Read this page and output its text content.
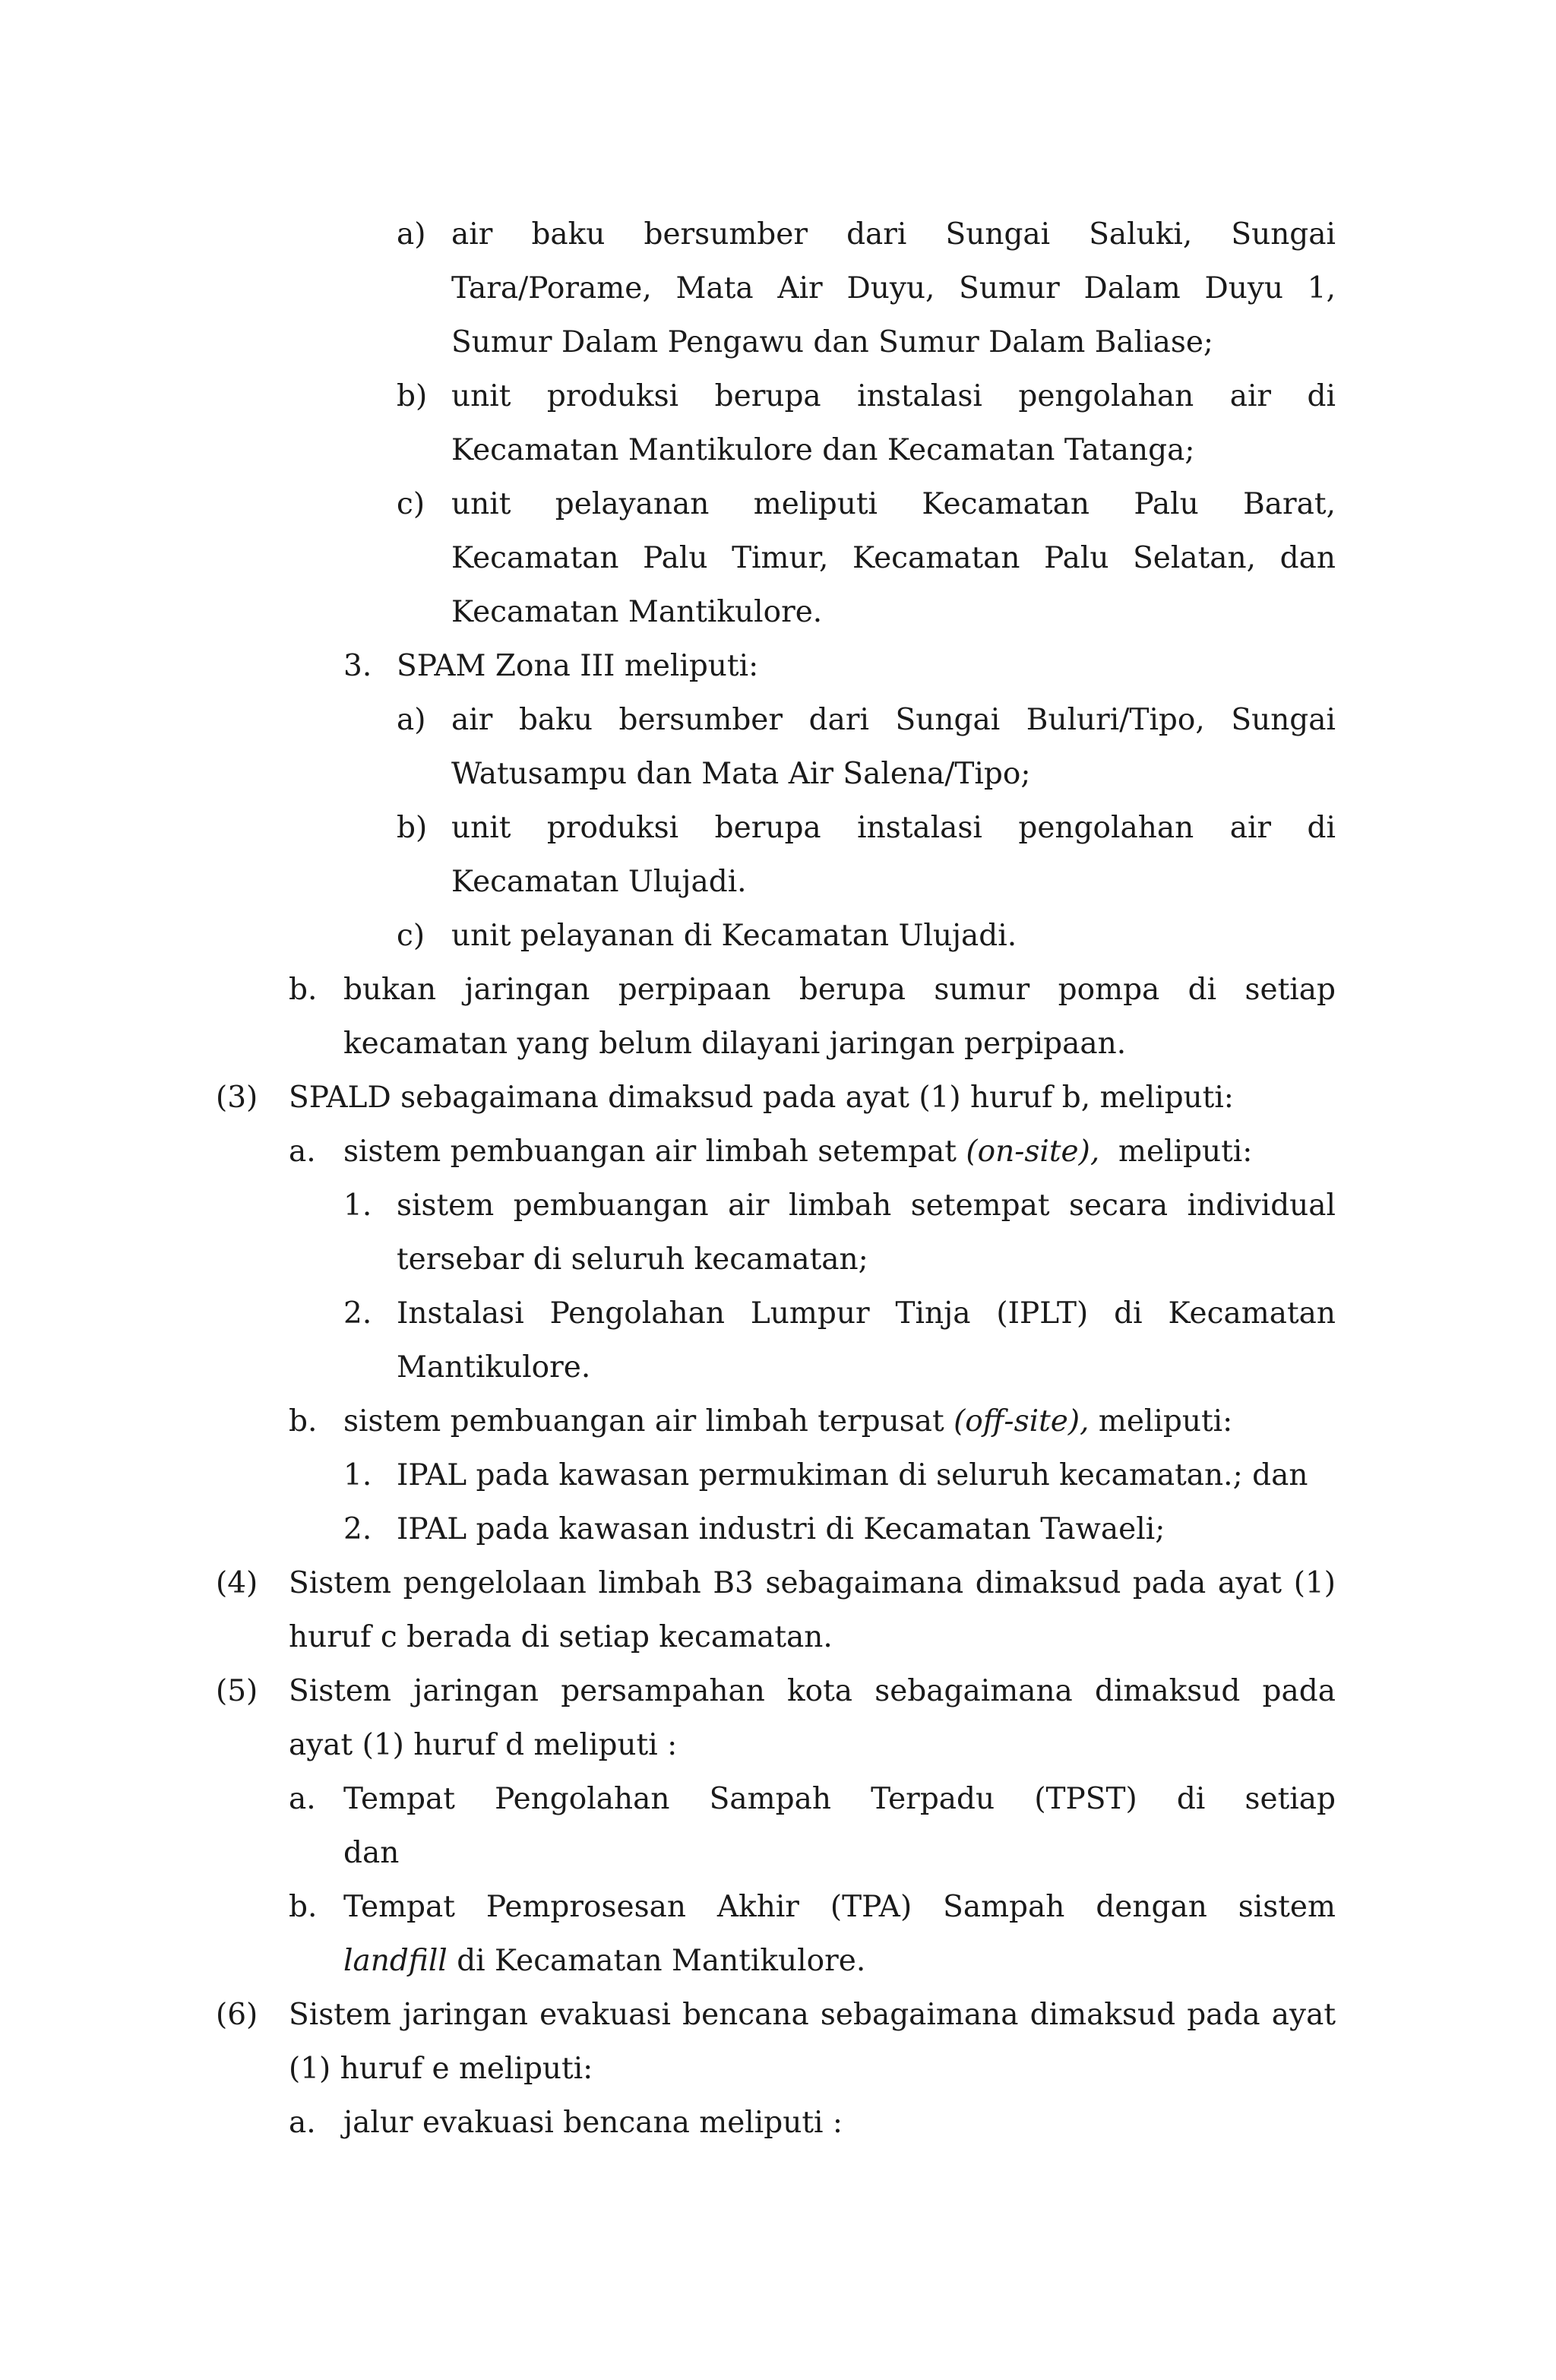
a) air baku bersumber dari Sungai Saluki, Sungai
Tara/Porame, Mata Air Duyu, Sumur Dalam Duyu 1,
Sumur Dalam Pengawu dan Sumur Dalam Baliase;
b) unit produksi berupa instalasi pengolahan air di
Kecamatan Mantikulore dan Kecamatan Tatanga;
c) unit pelayanan meliputi Kecamatan Palu Barat,
Kecamatan Palu Timur, Kecamatan Palu Selatan, dan
Kecamatan Mantikulore.
3. SPAM Zona III meliputi:
a) air baku bersumber dari Sungai Buluri/Tipo, Sungai
Watusampu dan Mata Air Salena/Tipo;
b) unit produksi berupa instalasi pengolahan air di
Kecamatan Ulujadi.
c) unit pelayanan di Kecamatan Ulujadi.
b. bukan jaringan perpipaan berupa sumur pompa di setiap
kecamatan yang belum dilayani jaringan perpipaan.
(3) SPALD sebagaimana dimaksud pada ayat (1) huruf b, meliputi:
a. sistem pembuangan air limbah setempat (on-site), meliputi:
1. sistem pembuangan air limbah setempat secara individual
tersebar di seluruh kecamatan;
2. Instalasi Pengolahan Lumpur Tinja (IPLT) di Kecamatan
Mantikulore.
b. sistem pembuangan air limbah terpusat (off-site), meliputi:
1. IPAL pada kawasan permukiman di seluruh kecamatan.; dan
2. IPAL pada kawasan industri di Kecamatan Tawaeli;
(4) Sistem pengelolaan limbah B3 sebagaimana dimaksud pada ayat (1)
huruf c berada di setiap kecamatan.
(5) Sistem jaringan persampahan kota sebagaimana dimaksud pada
ayat (1) huruf d meliputi :
a. Tempat Pengolahan Sampah Terpadu (TPST) di setiap
dan
b. Tempat Pemprosesan Akhir (TPA) Sampah dengan sistem
landfill di Kecamatan Mantikulore.
(6) Sistem jaringan evakuasi bencana sebagaimana dimaksud pada ayat
(1) huruf e meliputi:
a. jalur evakuasi bencana meliputi :
